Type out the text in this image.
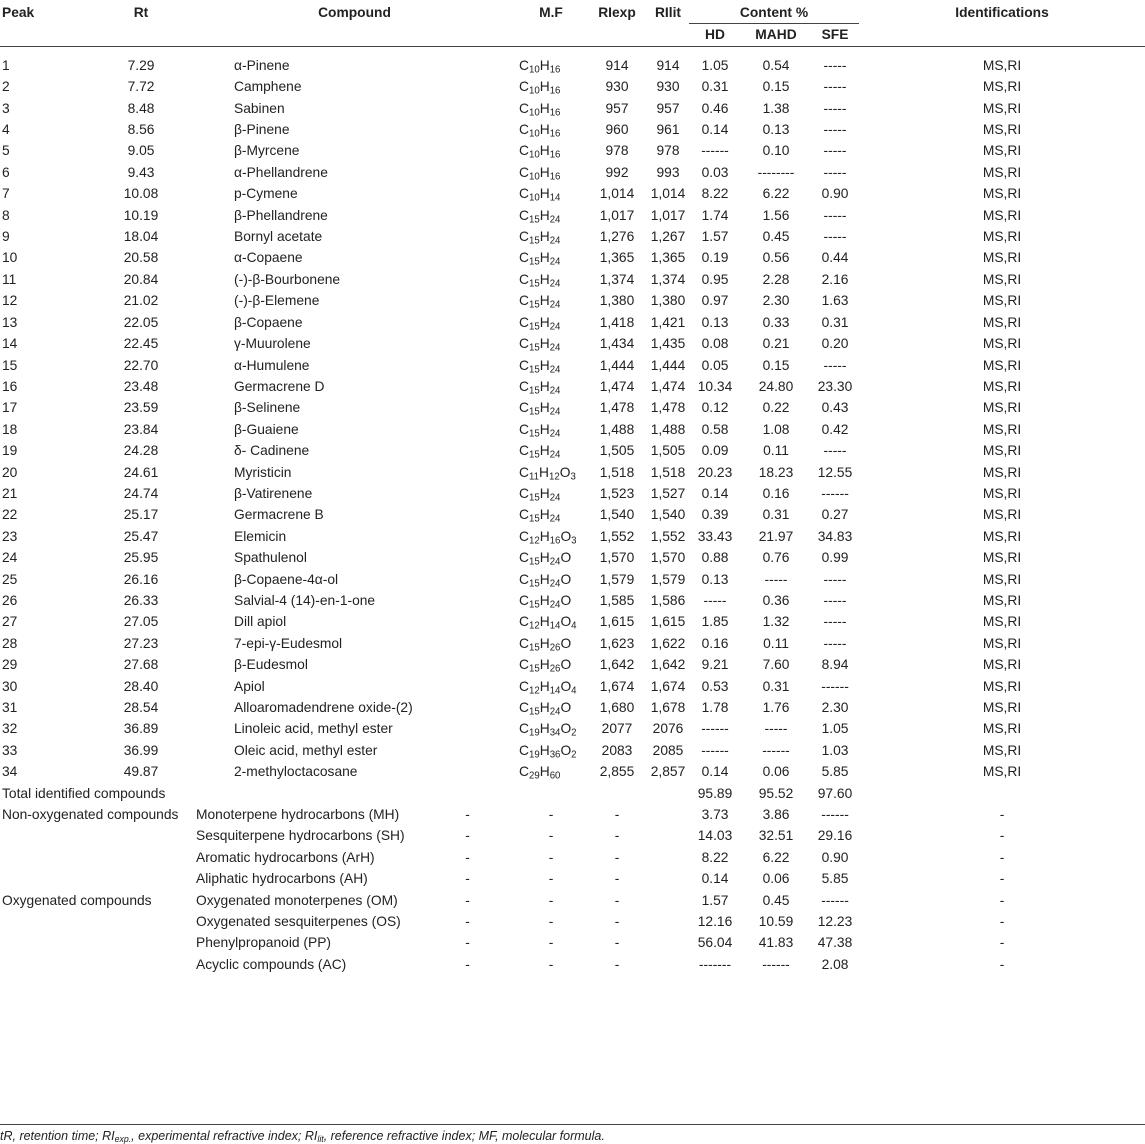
Peak	Rt	Compound		M.F	RIexp	RIlit	Content %			Identifications
							HD	MAHD	SFE	
1	7.29	α-Pinene		$C_{10}H_{16}$	914	914	1.05	0.54	-----	MS,RI
2	7.72	Camphene		$C_{10}H_{16}$	930	930	0.31	0.15	-----	MS,RI
3	8.48	Sabinen		$C_{10}H_{16}$	957	957	0.46	1.38	-----	MS,RI
4	8.56	β-Pinene		$C_{10}H_{16}$	960	961	0.14	0.13	-----	MS,RI
5	9.05	β-Myrcene		$C_{10}H_{16}$	978	978	------	0.10	-----	MS,RI
6	9.43	α-Phellandrene		$C_{10}H_{16}$	992	993	0.03	--------	-----	MS,RI
7	10.08	p-Cymene		$C_{10}H_{14}$	1,014	1,014	8.22	6.22	0.90	MS,RI
8	10.19	β-Phellandrene		$C_{15}H_{24}$	1,017	1,017	1.74	1.56	-----	MS,RI
9	18.04	Bornyl acetate		$C_{15}H_{24}$	1,276	1,267	1.57	0.45	-----	MS,RI
10	20.58	α-Copaene		$C_{15}H_{24}$	1,365	1,365	0.19	0.56	0.44	MS,RI
11	20.84	(-)-β-Bourbonene		$C_{15}H_{24}$	1,374	1,374	0.95	2.28	2.16	MS,RI
12	21.02	(-)-β-Elemene		$C_{15}H_{24}$	1,380	1,380	0.97	2.30	1.63	MS,RI
13	22.05	β-Copaene		$C_{15}H_{24}$	1,418	1,421	0.13	0.33	0.31	MS,RI
14	22.45	γ-Muurolene		$C_{15}H_{24}$	1,434	1,435	0.08	0.21	0.20	MS,RI
15	22.70	α-Humulene		$C_{15}H_{24}$	1,444	1,444	0.05	0.15	-----	MS,RI
16	23.48	Germacrene D		$C_{15}H_{24}$	1,474	1,474	10.34	24.80	23.30	MS,RI
17	23.59	β-Selinene		$C_{15}H_{24}$	1,478	1,478	0.12	0.22	0.43	MS,RI
18	23.84	β-Guaiene		$C_{15}H_{24}$	1,488	1,488	0.58	1.08	0.42	MS,RI
19	24.28	δ- Cadinene		$C_{15}H_{24}$	1,505	1,505	0.09	0.11	-----	MS,RI
20	24.61	Myristicin		$C_{11}H_{12}O_3$	1,518	1,518	20.23	18.23	12.55	MS,RI
21	24.74	β-Vatirenene		$C_{15}H_{24}$	1,523	1,527	0.14	0.16	------	MS,RI
22	25.17	Germacrene B		$C_{15}H_{24}$	1,540	1,540	0.39	0.31	0.27	MS,RI
23	25.47	Elemicin		$C_{12}H_{16}O_3$	1,552	1,552	33.43	21.97	34.83	MS,RI
24	25.95	Spathulenol		$C_{15}H_{24}O$	1,570	1,570	0.88	0.76	0.99	MS,RI
25	26.16	β-Copaene-4α-ol		$C_{15}H_{24}O$	1,579	1,579	0.13	-----	-----	MS,RI
26	26.33	Salvial-4 (14)-en-1-one		$C_{15}H_{24}O$	1,585	1,586	-----	0.36	-----	MS,RI
27	27.05	Dill apiol		$C_{12}H_{14}O_4$	1,615	1,615	1.85	1.32	-----	MS,RI
28	27.23	7-epi-γ-Eudesmol		$C_{15}H_{26}O$	1,623	1,622	0.16	0.11	-----	MS,RI
29	27.68	β-Eudesmol		$C_{15}H_{26}O$	1,642	1,642	9.21	7.60	8.94	MS,RI
30	28.40	Apiol		$C_{12}H_{14}O_4$	1,674	1,674	0.53	0.31	------	MS,RI
31	28.54	Alloaromadendrene oxide-(2)		$C_{15}H_{24}O$	1,680	1,678	1.78	1.76	2.30	MS,RI
32	36.89	Linoleic acid, methyl ester		$C_{19}H_{34}O_2$	2077	2076	------	-----	1.05	MS,RI
33	36.99	Oleic acid, methyl ester		$C_{19}H_{36}O_2$	2083	2085	------	------	1.03	MS,RI
34	49.87	2-methyloctacosane		$C_{29}H_{60}$	2,855	2,857	0.14	0.06	5.85	MS,RI
Total identified compounds							95.89	95.52	97.60	
Non-oxygenated compounds		Monoterpene hydrocarbons (MH)	-	-	-		3.73	3.86	------	-
		Sesquiterpene hydrocarbons (SH)	-	-	-		14.03	32.51	29.16	-
		Aromatic hydrocarbons (ArH)	-	-	-		8.22	6.22	0.90	-
		Aliphatic hydrocarbons (AH)	-	-	-		0.14	0.06	5.85	-
Oxygenated compounds		Oxygenated monoterpenes (OM)	-	-	-		1.57	0.45	------	-
		Oxygenated sesquiterpenes (OS)	-	-	-		12.16	10.59	12.23	-
		Phenylpropanoid (PP)	-	-	-		56.04	41.83	47.38	-
		Acyclic compounds (AC)	-	-	-		-------	------	2.08	-
tR, retention time; $RI_{exp.}$, experimental refractive index; $RI_{lit}$, reference refractive index; MF, molecular formula.
